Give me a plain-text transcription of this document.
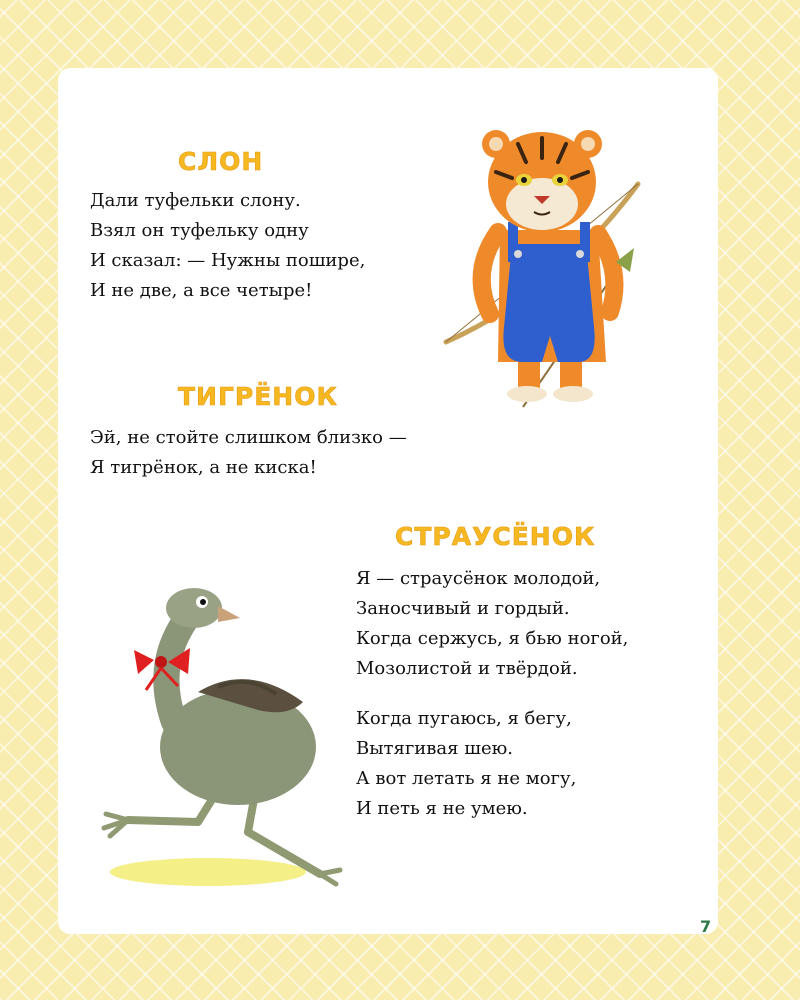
СЛОН

Дали туфельки слону.

Взял он туфельку одну

И сказал: — Нужны пошире,

И не две, а все четыре!

ТИГРЁНОК

Эй, не стойте слишком близко —

Я тигрёнок, а не киска!

СТРАУСЁНОК

Я — страусёнок молодой,

Заносчивый и гордый.

Когда сержусь, я бью ногой,

Мозолистой и твёрдой.

Когда пугаюсь, я бегу,

Вытягивая шею.

А вот летать я не могу,

И петь я не умею.

7
